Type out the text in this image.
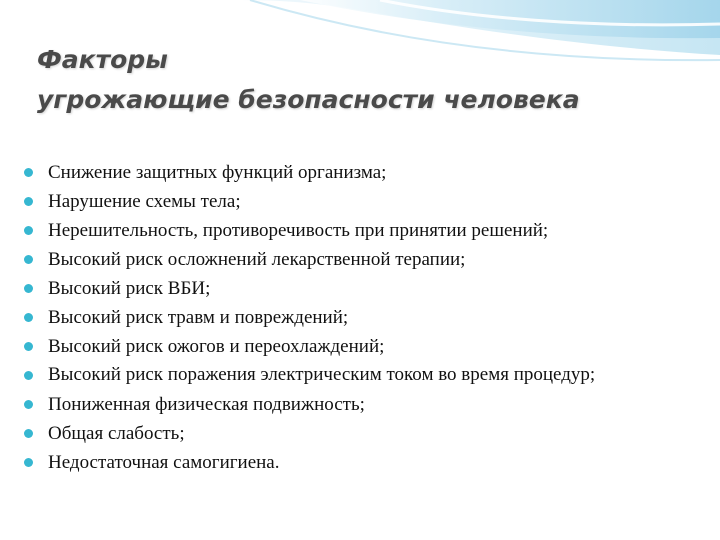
Факторы
угрожающие безопасности человека
Снижение защитных функций организма;
Нарушение схемы тела;
Нерешительность, противоречивость при принятии решений;
Высокий риск осложнений лекарственной терапии;
Высокий риск ВБИ;
Высокий риск травм и повреждений;
Высокий риск ожогов и переохлаждений;
Высокий риск поражения электрическим током во время процедур;
Пониженная физическая подвижность;
Общая слабость;
Недостаточная самогигиена.
